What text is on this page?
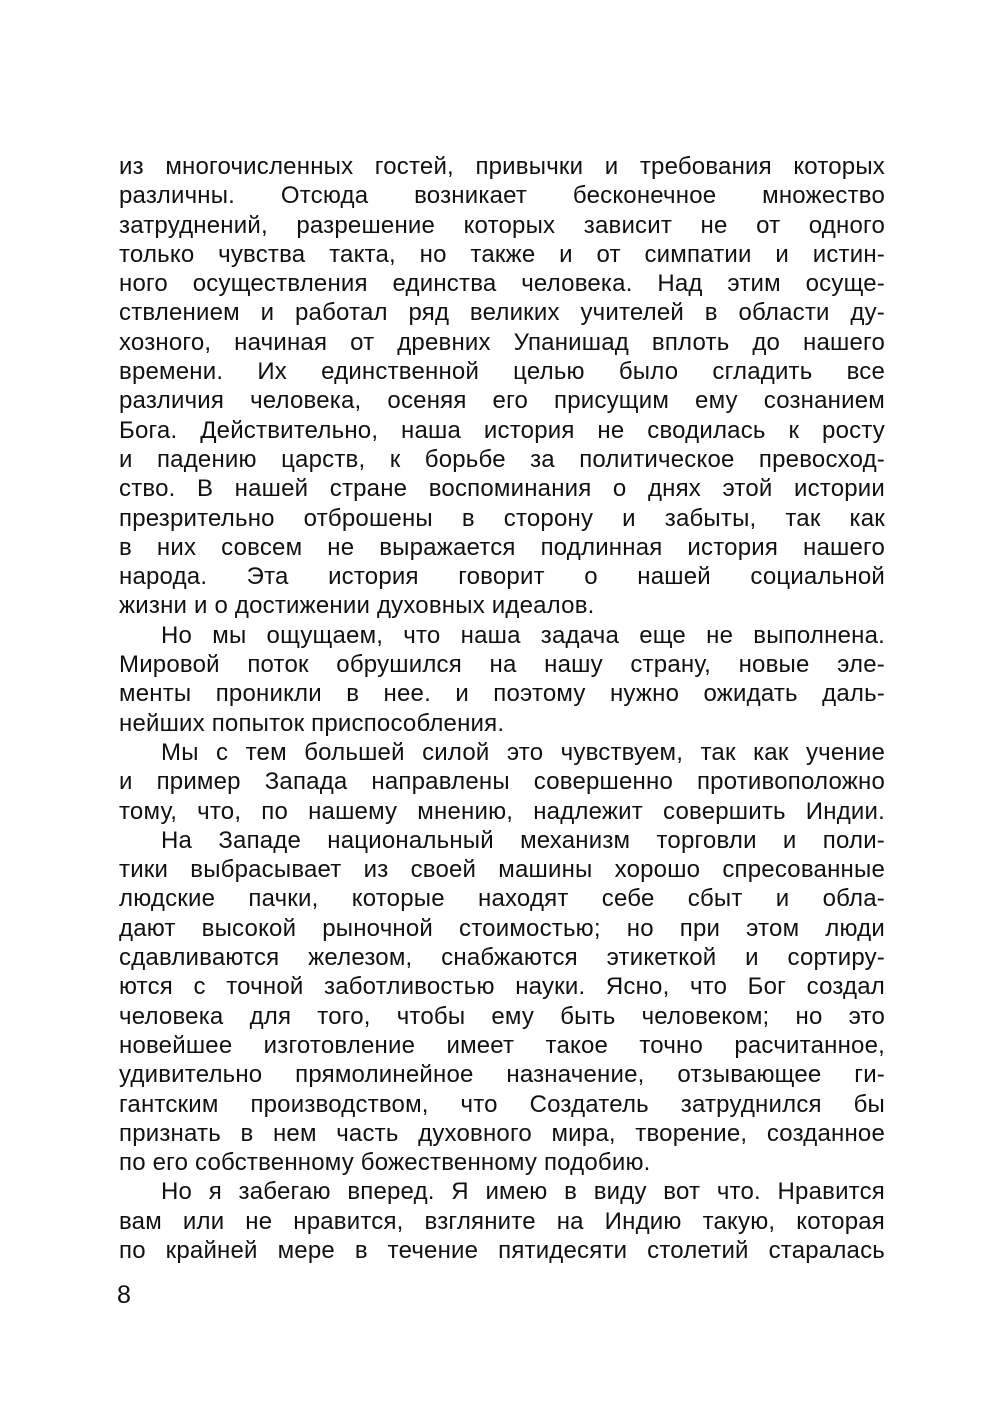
из многочисленных гостей, привычки и требования которых
различны. Отсюда возникает бесконечное множество
затруднений, разрешение которых зависит не от одного
только чувства такта, но также и от симпатии и истин-
ного осуществления единства человека. Над этим осуще-
ствлением и работал ряд великих учителей в области ду-
хозного, начиная от древних Упанишад вплоть до нашего
времени. Их единственной целью было сгладить все
различия человека, осеняя его присущим ему сознанием
Бога. Действительно, наша история не сводилась к росту
и падению царств, к борьбе за политическое превосход-
ство. В нашей стране воспоминания о днях этой истории
презрительно отброшены в сторону и забыты, так как
в них совсем не выражается подлинная история нашего
народа. Эта история говорит о нашей социальной
жизни и о достижении духовных идеалов.
Но мы ощущаем, что наша задача еще не выполнена.
Мировой поток обрушился на нашу страну, новые эле-
менты проникли в нее. и поэтому нужно ожидать даль-
нейших попыток приспособления.
Мы с тем большей силой это чувствуем, так как учение
и пример Запада направлены совершенно противоположно
тому, что, по нашему мнению, надлежит совершить Индии.
На Западе национальный механизм торговли и поли-
тики выбрасывает из своей машины хорошо спресованные
людские пачки, которые находят себе сбыт и обла-
дают высокой рыночной стоимостью; но при этом люди
сдавливаются железом, снабжаются этикеткой и сортиру-
ются с точной заботливостью науки. Ясно, что Бог создал
человека для того, чтобы ему быть человеком; но это
новейшее изготовление имеет такое точно расчитанное,
удивительно прямолинейное назначение, отзывающее ги-
гантским производством, что Создатель затруднился бы
признать в нем часть духовного мира, творение, созданное
по его собственному божественному подобию.
Но я забегаю вперед. Я имею в виду вот что. Нравится
вам или не нравится, взгляните на Индию такую, которая
по крайней мере в течение пятидесяти столетий старалась
8
